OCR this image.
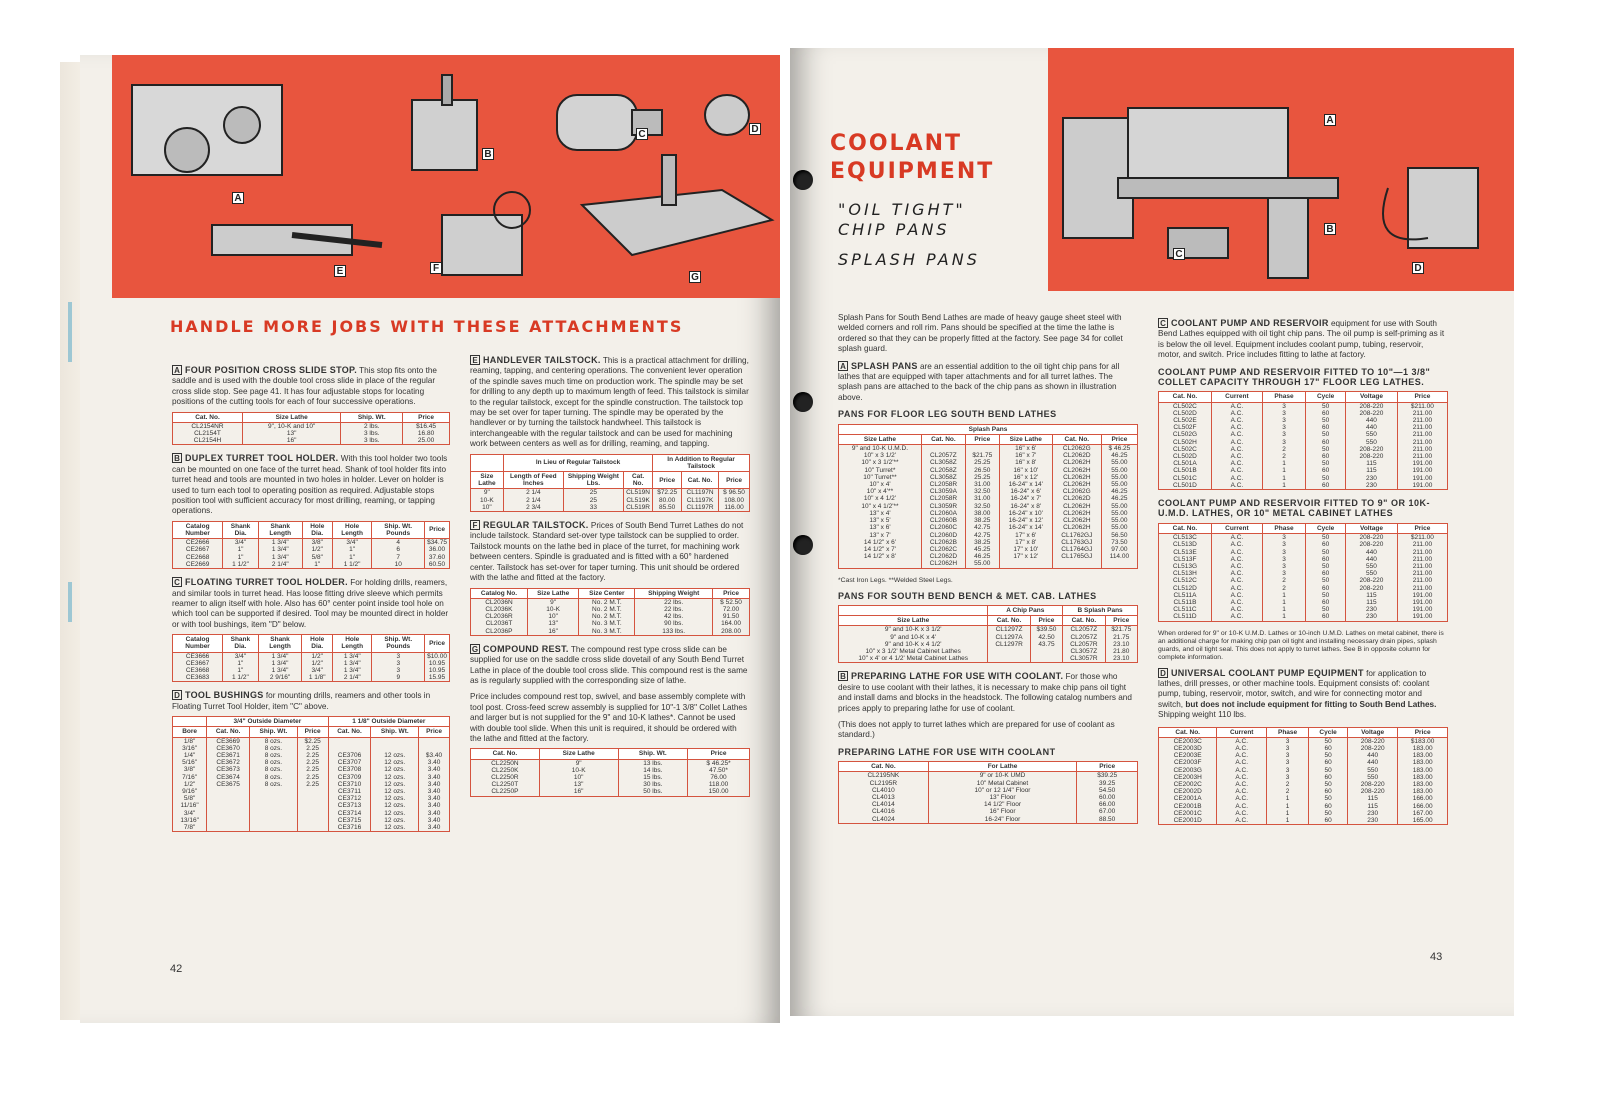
A
B
C	D
E	F
G
HANDLE MORE JOBS WITH THESE ATTACHMENTS
A FOUR POSITION CROSS SLIDE STOP. This stop fits onto the saddle and is used with the double tool cross slide in place of the regular cross slide stop. See page 41. It has four adjustable stops for locating positions of the cutting tools for each of four successive operations.
Cat. No.	Size Lathe	Ship. Wt.	Price
CL2154NR	9", 10-K and 10"	2 lbs.	$16.45
CL2154T	13"	3 lbs.	16.80
CL2154H	16"	3 lbs.	25.00
B DUPLEX TURRET TOOL HOLDER. With this tool holder two tools can be mounted on one face of the turret head. Shank of tool holder fits into turret head and tools are mounted in two holes in holder. Lever on holder is used to turn each tool to operating position as required. Adjustable stops position tool with sufficient accuracy for most drilling, reaming, or tapping operations.
Catalog Number	Shank Dia.	Shank Length	Hole Dia.	Hole Length	Ship. Wt. Pounds	Price
CE2666	3/4"	1 3/4"	3/8"	3/4"	4	$34.75
CE2667	1"	1 3/4"	1/2"	1"	6	36.00
CE2668	1"	1 3/4"	5/8"	1"	7	37.60
CE2669	1 1/2"	2 1/4"	1"	1 1/2"	10	60.50
C FLOATING TURRET TOOL HOLDER. For holding drills, reamers, and similar tools in turret head. Has loose fitting drive sleeve which permits reamer to align itself with hole. Also has 60° center point inside tool hole on which tool can be supported if desired. Tool may be mounted direct in holder or with tool bushings, item "D" below.
Catalog Number	Shank Dia.	Shank Length	Hole Dia.	Hole Length	Ship. Wt. Pounds	Price
CE3666	3/4"	1 3/4"	1/2"	1 3/4"	3	$10.00
CE3667	1"	1 3/4"	1/2"	1 3/4"	3	10.95
CE3668	1"	1 3/4"	3/4"	1 3/4"	3	10.95
CE3683	1 1/2"	2 9/16"	1 1/8"	2 1/4"	9	15.95
D TOOL BUSHINGS for mounting drills, reamers and other tools in Floating Turret Tool Holder, item "C" above.
	3/4" Outside Diameter			1 1/8" Outside Diameter		
Bore	Cat. No.	Ship. Wt.	Price	Cat. No.	Ship. Wt.	Price
1/8"	CE3669	8 ozs.	$2.25			
3/16"	CE3670	8 ozs.	2.25			
1/4"	CE3671	8 ozs.	2.25	CE3706	12 ozs.	$3.40
5/16"	CE3672	8 ozs.	2.25	CE3707	12 ozs.	3.40
3/8"	CE3673	8 ozs.	2.25	CE3708	12 ozs.	3.40
7/16"	CE3674	8 ozs.	2.25	CE3709	12 ozs.	3.40
1/2"	CE3675	8 ozs.	2.25	CE3710	12 ozs.	3.40
9/16"				CE3711	12 ozs.	3.40
5/8"				CE3712	12 ozs.	3.40
11/16"				CE3713	12 ozs.	3.40
3/4"				CE3714	12 ozs.	3.40
13/16"				CE3715	12 ozs.	3.40
7/8"				CE3716	12 ozs.	3.40
E HANDLEVER TAILSTOCK. This is a practical attachment for drilling, reaming, tapping, and centering operations. The convenient lever operation of the spindle saves much time on production work. The spindle may be set for drilling to any depth up to maximum length of feed. This tailstock is similar to the regular tailstock, except for the spindle construction. The tailstock top may be set over for taper turning. The spindle may be operated by the handlever or by turning the tailstock handwheel. This tailstock is interchangeable with the regular tailstock and can be used for machining work between centers as well as for drilling, reaming, and tapping.
	In Lieu of Regular Tailstock			In Addition to Regular Tailstock		
Size Lathe	Length of Feed Inches	Shipping Weight Lbs.	Cat. No.	Price	Cat. No.	Price
9"	2 1/4	25	CL519N	$72.25	CL1197N	$ 96.50
10-K	2 1/4	25	CL519K	80.00	CL1197K	108.00
10"	2 3/4	33	CL519R	85.50	CL1197R	116.00
F REGULAR TAILSTOCK. Prices of South Bend Turret Lathes do not include tailstock. Standard set-over type tailstock can be supplied to order. Tailstock mounts on the lathe bed in place of the turret, for machining work between centers. Spindle is graduated and is fitted with a 60° hardened center. Tailstock has set-over for taper turning. This unit should be ordered with the lathe and fitted at the factory.
Catalog No.	Size Lathe	Size Center	Shipping Weight	Price
CL2036N	9"	No. 2 M.T.	22 lbs.	$ 52.50
CL2036K	10-K	No. 2 M.T.	22 lbs.	72.00
CL2036R	10"	No. 2 M.T.	42 lbs.	91.50
CL2036T	13"	No. 3 M.T.	90 lbs.	164.00
CL2036P	16"	No. 3 M.T.	133 lbs.	208.00
G COMPOUND REST. The compound rest type cross slide can be supplied for use on the saddle cross slide dovetail of any South Bend Turret Lathe in place of the double tool cross slide. This compound rest is the same as is regularly supplied with the corresponding size of lathe.

Price includes compound rest top, swivel, and base assembly complete with tool post. Cross-feed screw assembly is supplied for 10"-1 3/8" Collet Lathes and larger but is not supplied for the 9" and 10-K lathes*. Cannot be used with double tool slide. When this unit is required, it should be ordered with the lathe and fitted at the factory.

Cat. No.	Size Lathe	Ship. Wt.	Price
CL2250N	9"	13 lbs.	$ 46.25*
CL2250K	10-K	14 lbs.	47.50*
CL2250R	10"	15 lbs.	76.00
CL2250T	13"	30 lbs.	118.00
CL2250P	16"	50 lbs.	150.00
42
COOLANT
EQUIPMENT
"OIL TIGHT"
CHIP PANS
SPLASH PANS
A
B
C
D

Splash Pans for South Bend Lathes are made of heavy gauge sheet steel with welded corners and roll rim. Pans should be specified at the time the lathe is ordered so that they can be properly fitted at the factory. See page 34 for collet splash guard.

A SPLASH PANS are an essential addition to the oil tight chip pans for all lathes that are equipped with taper attachments and for all turret lathes. The splash pans are attached to the back of the chip pans as shown in illustration above.
PANS FOR FLOOR LEG SOUTH BEND LATHES
Splash Pans					
Size Lathe	Cat. No.	Price	Size Lathe	Cat. No.	Price
9" and 10-K U.M.D.			16" x 6'	CL2062G	$ 46.25
10" x 3 1/2'	CL2057Z	$21.75	16" x 7'	CL2062D	46.25
10" x 3 1/2'**	CL3058Z	25.25	16" x 8'	CL2062H	55.00
10" Turret*	CL2058Z	26.50	16" x 10'	CL2062H	55.00
10" Turret**	CL3058Z	25.25	16" x 12'	CL2062H	55.00
10" x 4'	CL2058R	31.00	16-24" x 14'	CL2062H	55.00
10" x 4'**	CL3059A	32.50	16-24" x 6'	CL2062G	46.25
10" x 4 1/2'	CL2058R	31.00	16-24" x 7'	CL2062D	46.25
10" x 4 1/2'**	CL3059R	32.50	16-24" x 8'	CL2062H	55.00
13" x 4'	CL2060A	38.00	16-24" x 10'	CL2062H	55.00
13" x 5'	CL2060B	38.25	16-24" x 12'	CL2062H	55.00
13" x 6'	CL2060C	42.75	16-24" x 14'	CL2062H	55.00
13" x 7'	CL2060D	42.75	17" x 6'	CL1762GJ	56.50
14 1/2" x 6'	CL2062B	38.25	17" x 8'	CL1763GJ	73.50
14 1/2" x 7'	CL2062C	45.25	17" x 10'	CL1764GJ	97.00
14 1/2" x 8'	CL2062D	46.25	17" x 12'	CL1765GJ	114.00
	CL2062H	55.00			
*Cast Iron Legs. **Welded Steel Legs.
PANS FOR SOUTH BEND BENCH & MET. CAB. LATHES
	A Chip Pans		B Splash Pans	
Size Lathe	Cat. No.	Price	Cat. No.	Price
9" and 10-K x 3 1/2'	CL1297Z	$39.50	CL2057Z	$21.75
9" and 10-K x 4'	CL1297A	42.50	CL2057Z	21.75
9" and 10-K x 4 1/2'	CL1297R	43.75	CL2057R	23.10
10" x 3 1/2' Metal Cabinet Lathes			CL3057Z	21.80
10" x 4' or 4 1/2' Metal Cabinet Lathes			CL3057R	23.10
B PREPARING LATHE FOR USE WITH COOLANT. For those who desire to use coolant with their lathes, it is necessary to make chip pans oil tight and install dams and blocks in the headstock. The following catalog numbers and prices apply to preparing lathe for use of coolant.

(This does not apply to turret lathes which are prepared for use of coolant as standard.)

PREPARING LATHE FOR USE WITH COOLANT
Cat. No.	For Lathe	Price
CL2195NK	9" or 10-K UMD	$39.25
CL2195R	10" Metal Cabinet	39.25
CL4010	10" or 12 1/4" Floor	54.50
CL4013	13" Floor	60.00
CL4014	14 1/2" Floor	66.00
CL4016	16" Floor	67.00
CL4024	16-24" Floor	88.50
C COOLANT PUMP AND RESERVOIR equipment for use with South Bend Lathes equipped with oil tight chip pans. The oil pump is self-priming as it is below the oil level. Equipment includes coolant pump, tubing, reservoir, motor, and switch. Price includes fitting to lathe at factory.
COOLANT PUMP AND RESERVOIR FITTED TO 10"—1 3/8" COLLET CAPACITY THROUGH 17" FLOOR LEG LATHES.
Cat. No.	Current	Phase	Cycle	Voltage	Price
CL502C	A.C.	3	50	208-220	$211.00
CL502D	A.C.	3	60	208-220	211.00
CL502E	A.C.	3	50	440	211.00
CL502F	A.C.	3	60	440	211.00
CL502G	A.C.	3	50	550	211.00
CL502H	A.C.	3	60	550	211.00
CL502C	A.C.	2	50	208-220	211.00
CL502D	A.C.	2	60	208-220	211.00
CL501A	A.C.	1	50	115	191.00
CL501B	A.C.	1	60	115	191.00
CL501C	A.C.	1	50	230	191.00
CL501D	A.C.	1	60	230	191.00
COOLANT PUMP AND RESERVOIR FITTED TO 9" OR 10K- U.M.D. LATHES, OR 10" METAL CABINET LATHES
Cat. No.	Current	Phase	Cycle	Voltage	Price
CL513C	A.C.	3	50	208-220	$211.00
CL513D	A.C.	3	60	208-220	211.00
CL513E	A.C.	3	50	440	211.00
CL513F	A.C.	3	60	440	211.00
CL513G	A.C.	3	50	550	211.00
CL513H	A.C.	3	60	550	211.00
CL512C	A.C.	2	50	208-220	211.00
CL512D	A.C.	2	60	208-220	211.00
CL511A	A.C.	1	50	115	191.00
CL511B	A.C.	1	60	115	191.00
CL511C	A.C.	1	50	230	191.00
CL511D	A.C.	1	60	230	191.00
When ordered for 9" or 10-K U.M.D. Lathes or 10-inch U.M.D. Lathes on metal cabinet, there is an additional charge for making chip pan oil tight and installing necessary drain pipes, splash guards, and oil tight seal. This does not apply to turret lathes. See B in opposite column for complete information.
D UNIVERSAL COOLANT PUMP EQUIPMENT for application to lathes, drill presses, or other machine tools. Equipment consists of: coolant pump, tubing, reservoir, motor, switch, and wire for connecting motor and switch, but does not include equipment for fitting to South Bend Lathes. Shipping weight 110 lbs.
Cat. No.	Current	Phase	Cycle	Voltage	Price
CE2003C	A.C.	3	50	208-220	$183.00
CE2003D	A.C.	3	60	208-220	183.00
CE2003E	A.C.	3	50	440	183.00
CE2003F	A.C.	3	60	440	183.00
CE2003G	A.C.	3	50	550	183.00
CE2003H	A.C.	3	60	550	183.00
CE2002C	A.C.	2	50	208-220	183.00
CE2002D	A.C.	2	60	208-220	183.00
CE2001A	A.C.	1	50	115	166.00
CE2001B	A.C.	1	60	115	166.00
CE2001C	A.C.	1	50	230	167.00
CE2001D	A.C.	1	60	230	165.00
43
